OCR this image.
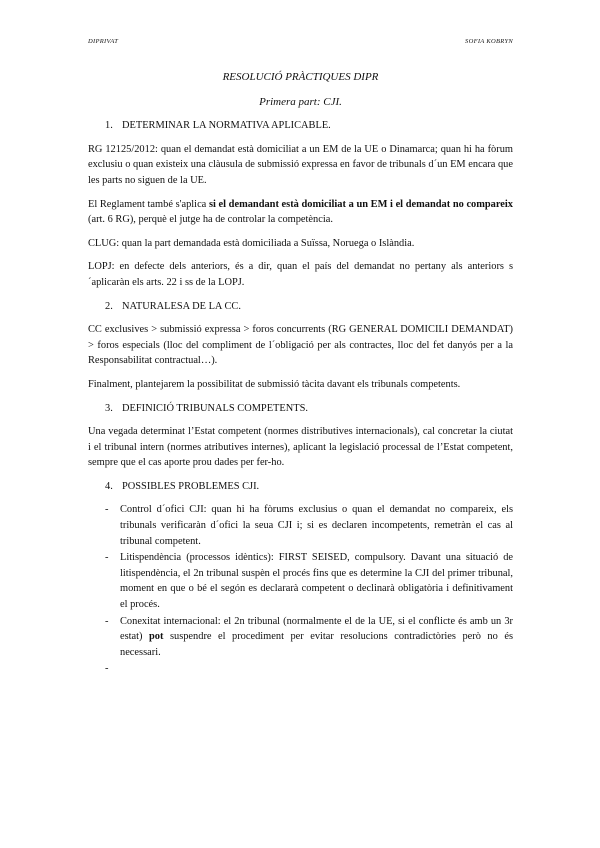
DIPRIVAT	SOFIA KOBRYN
RESOLUCIÓ PRÀCTIQUES DIPR
Primera part: CJI.
1. DETERMINAR LA NORMATIVA APLICABLE.

RG 12125/2012: quan el demandat està domiciliat a un EM de la UE o Dinamarca; quan hi ha fòrum exclusiu o quan existeix una clàusula de submissió expressa en favor de tribunals d´un EM encara que les parts no siguen de la UE.

El Reglament també s'aplica si el demandant està domiciliat a un EM i el demandat no compareix (art. 6 RG), perquè el jutge ha de controlar la competència.

CLUG: quan la part demandada està domiciliada a Suïssa, Noruega o Islàndia.

LOPJ: en defecte dels anteriors, és a dir, quan el país del demandat no pertany als anteriors s´aplicaràn els arts. 22 i ss de la LOPJ.

2. NATURALESA DE LA CC.

CC exclusives > submissió expressa > foros concurrents (RG GENERAL DOMICILI DEMANDAT) > foros especials (lloc del compliment de l´obligació per als contractes, lloc del fet danyós per a la Responsabilitat contractual…).

Finalment, plantejarem la possibilitat de submissió tàcita davant els tribunals competents.

3. DEFINICIÓ TRIBUNALS COMPETENTS.

Una vegada determinat l’Estat competent (normes distributives internacionals), cal concretar la ciutat i el tribunal intern (normes atributives internes), aplicant la legislació processal de l’Estat competent, sempre que el cas aporte prou dades per fer-ho.

4. POSSIBLES PROBLEMES CJI.
-	Control d´ofici CJI: quan hi ha fòrums exclusius o quan el demandat no compareix, els tribunals verificaràn d´ofici la seua CJI i; si es declaren incompetents, remetràn el cas al tribunal competent.
-	Litispendència (processos idèntics): FIRST SEISED, compulsory. Davant una situació de litispendència, el 2n tribunal suspèn el procés fins que es determine la CJI del primer tribunal, moment en que o bé el segón es declararà competent o declinarà obligatòria i definitivament el procés.
-	Conexitat internacional: el 2n tribunal (normalmente el de la UE, si el conflicte és amb un 3r estat) pot suspendre el procediment per evitar resolucions contradictòries però no és necessari.
-
